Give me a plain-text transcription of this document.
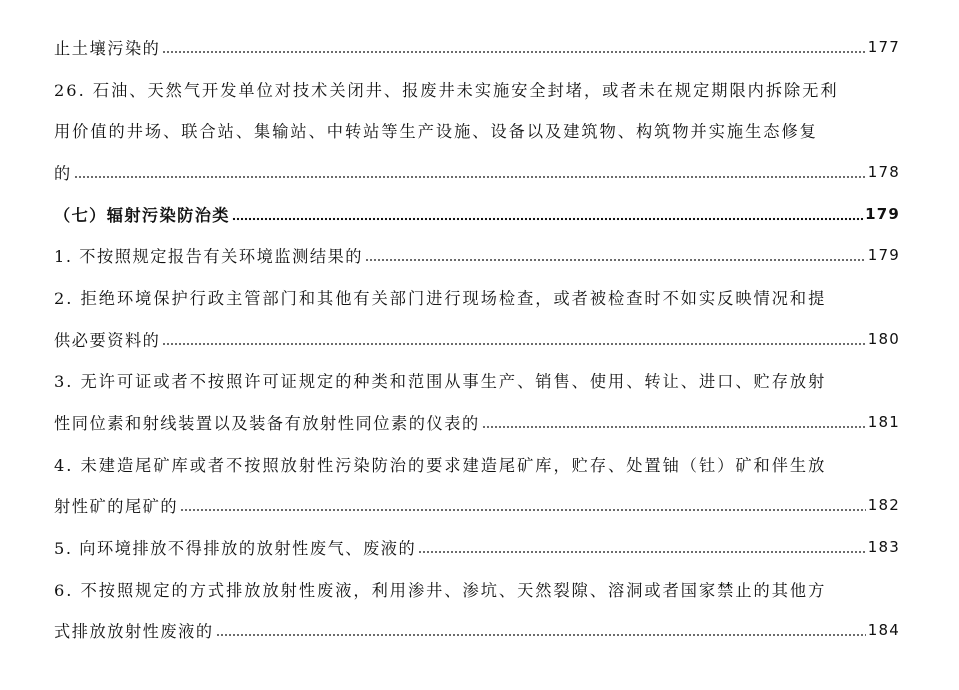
止土壤污染的	177
26. 石油、天然气开发单位对技术关闭井、报废井未实施安全封堵，或者未在规定期限内拆除无利
用价值的井场、联合站、集输站、中转站等生产设施、设备以及建筑物、构筑物并实施生态修复
的	178
（七）辐射污染防治类	179
1. 不按照规定报告有关环境监测结果的	179
2. 拒绝环境保护行政主管部门和其他有关部门进行现场检查，或者被检查时不如实反映情况和提
供必要资料的	180
3. 无许可证或者不按照许可证规定的种类和范围从事生产、销售、使用、转让、进口、贮存放射
性同位素和射线装置以及装备有放射性同位素的仪表的	181
4. 未建造尾矿库或者不按照放射性污染防治的要求建造尾矿库，贮存、处置铀（钍）矿和伴生放
射性矿的尾矿的	182
5. 向环境排放不得排放的放射性废气、废液的	183
6. 不按照规定的方式排放放射性废液，利用渗井、渗坑、天然裂隙、溶洞或者国家禁止的其他方
式排放放射性废液的	184
